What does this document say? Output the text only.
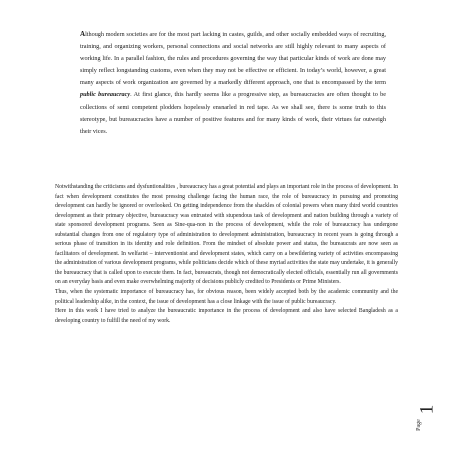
Although modern societies are for the most part lacking in castes, guilds, and other socially embedded ways of recruiting, training, and organizing workers, personal connections and social networks are still highly relevant to many aspects of working life. In a parallel fashion, the rules and procedures governing the way that particular kinds of work are done may simply reflect longstanding customs, even when they may not be effective or efficient. In today’s world, however, a great many aspects of work organization are governed by a markedly different approach, one that is encompassed by the term public bureaucracy. At first glance, this hardly seems like a progressive step, as bureaucracies are often thought to be collections of semi competent plodders hopelessly ensnarled in red tape. As we shall see, there is some truth to this stereotype, but bureaucracies have a number of positive features and for many kinds of work, their virtues far outweigh their vices.

Notwithstanding the criticisms and dysfuntionalities , bureaucracy has a great potential and plays an important role in the process of development. In fact when development constitutes the most pressing challenge facing the human race, the role of bureaucracy in pursuing and promoting development can hardly be ignored or overlooked. On getting independence from the shackles of colonial powers when many third world countries development as their primary objective, bureaucracy was entrusted with stupendous task of development and nation building through a variety of state sponsored development programs. Seen as Sine-qua-non in the process of development, while the role of bureaucracy has undergone substantial changes from one of regulatory type of administration to development administration, bureaucracy in recent years is going through a serious phase of transition in its identity and role definition. From the mindset of absolute power and status, the bureaucrats are now seen as facilitators of development. In welfarist – interventionist and development states, which carry on a bewildering variety of activities encompassing the administration of various development programs, while politicians decide which of these myriad activities the state may undertake, it is generally the bureaucracy that is called upon to execute them. In fact, bureaucrats, though not democratically elected officials, essentially run all governments on an everyday basis and even make overwhelming majority of decisions publicly credited to Presidents or Prime Ministers.

Thus, when the systematic importance of bureaucracy has, for obvious reason, been widely accepted both by the academic community and the political leadership alike, in the context, the issue of development has a close linkage with the issue of public bureaucracy.

Here in this work I have tried to analyze the bureaucratic importance in the process of development and also have selected Bangladesh as a developing country to fulfill the need of my work.

Page
1
